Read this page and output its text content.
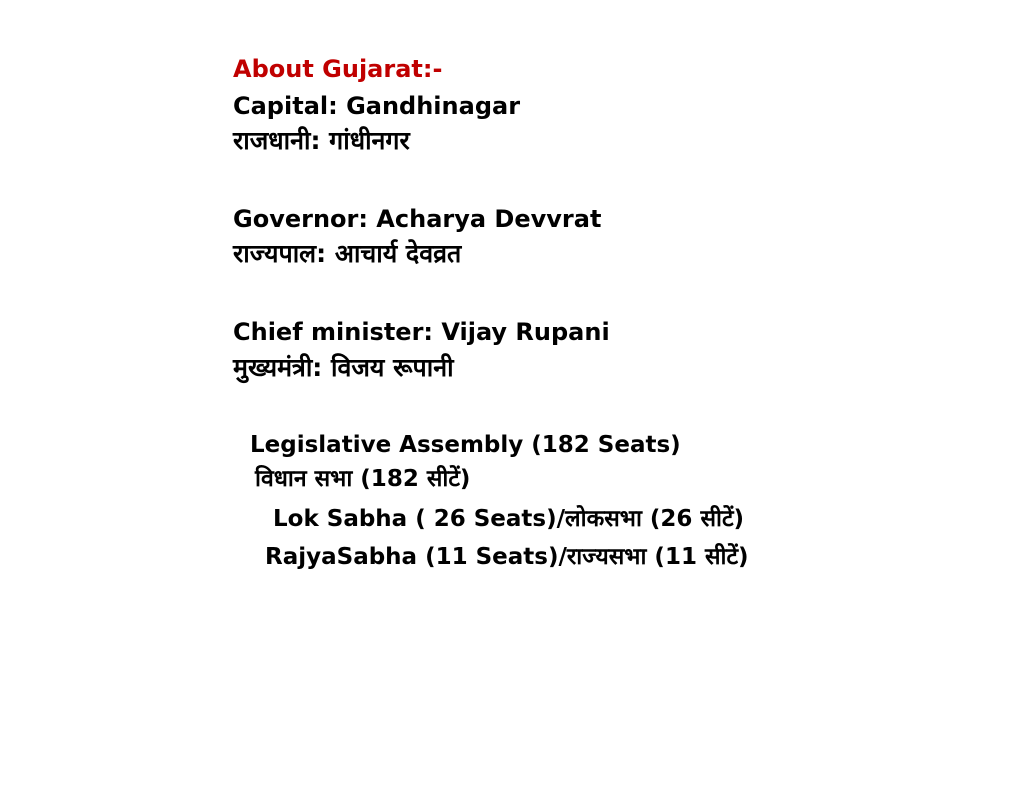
About Gujarat:-
Capital: Gandhinagar
राजधानी: गांधीनगर
Governor: Acharya Devvrat
राज्यपाल: आचार्य देवव्रत
Chief minister: Vijay Rupani
मुख्यमंत्री: विजय रूपानी
Legislative Assembly (182 Seats)
विधान सभा (182 सीटें)
Lok Sabha ( 26 Seats)/लोकसभा (26 सीटें)
RajyaSabha (11 Seats)/राज्यसभा (11 सीटें)
